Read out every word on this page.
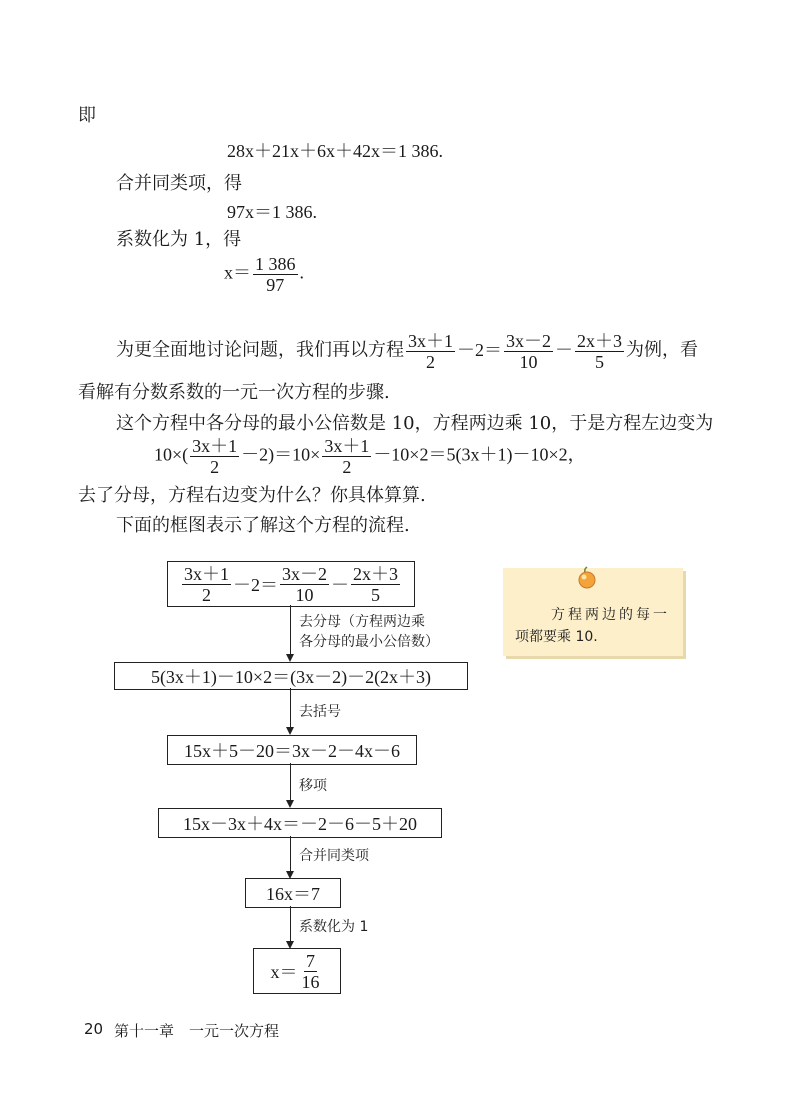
即
28x＋21x＋6x＋42x＝1 386.
合并同类项，得
97x＝1 386.
系数化为 1，得
$x= \frac{1 386}{97}$ .
为更全面地讨论问题，我们再以方程 $\frac{3x+1}{2} -2= \frac{3x-2}{10} - \frac{2x+3}{5}$ 为例，看
看解有分数系数的一元一次方程的步骤.
这个方程中各分母的最小公倍数是 10，方程两边乘 10，于是方程左边变为
$10\times( \frac{3x+1}{2} -2)=10\times \frac{3x+1}{2} -10\times 2=5(3x+1)-10\times 2$，
去了分母，方程右边变为什么？你具体算算.
下面的框图表示了解这个方程的流程.
$\frac{3x+1}{2} -2= \frac{3x-2}{10} - \frac{2x+3}{5}$
去分母（方程两边乘
各分母的最小公倍数）
5(3x＋1)－10×2＝(3x－2)－2(2x＋3)
去括号
15x＋5－20＝3x－2－4x－6
移项
15x－3x＋4x＝－2－6－5＋20
合并同类项
16x＝7
系数化为 1
$x= \frac{7}{16}$
方程两边的每一
项都要乘 10.
20 第十一章　一元一次方程
